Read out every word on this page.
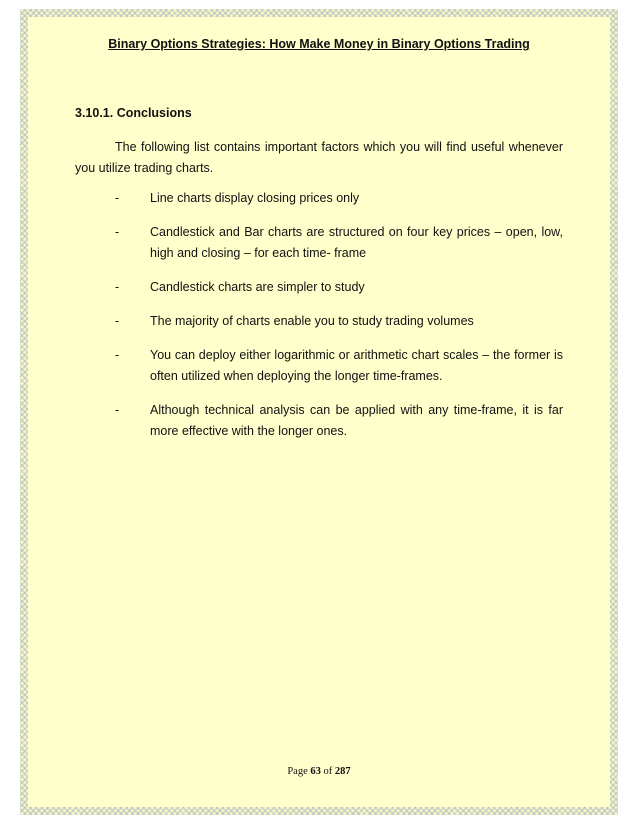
Binary Options Strategies: How Make Money in Binary Options Trading
3.10.1. Conclusions

The following list contains important factors which you will find useful whenever you utilize trading charts.

- Line charts display closing prices only
- Candlestick and Bar charts are structured on four key prices – open, low, high and closing – for each time- frame
- Candlestick charts are simpler to study
- The majority of charts enable you to study trading volumes
- You can deploy either logarithmic or arithmetic chart scales – the former is often utilized when deploying the longer time-frames.
- Although technical analysis can be applied with any time-frame, it is far more effective with the longer ones.
Page 63 of 287
